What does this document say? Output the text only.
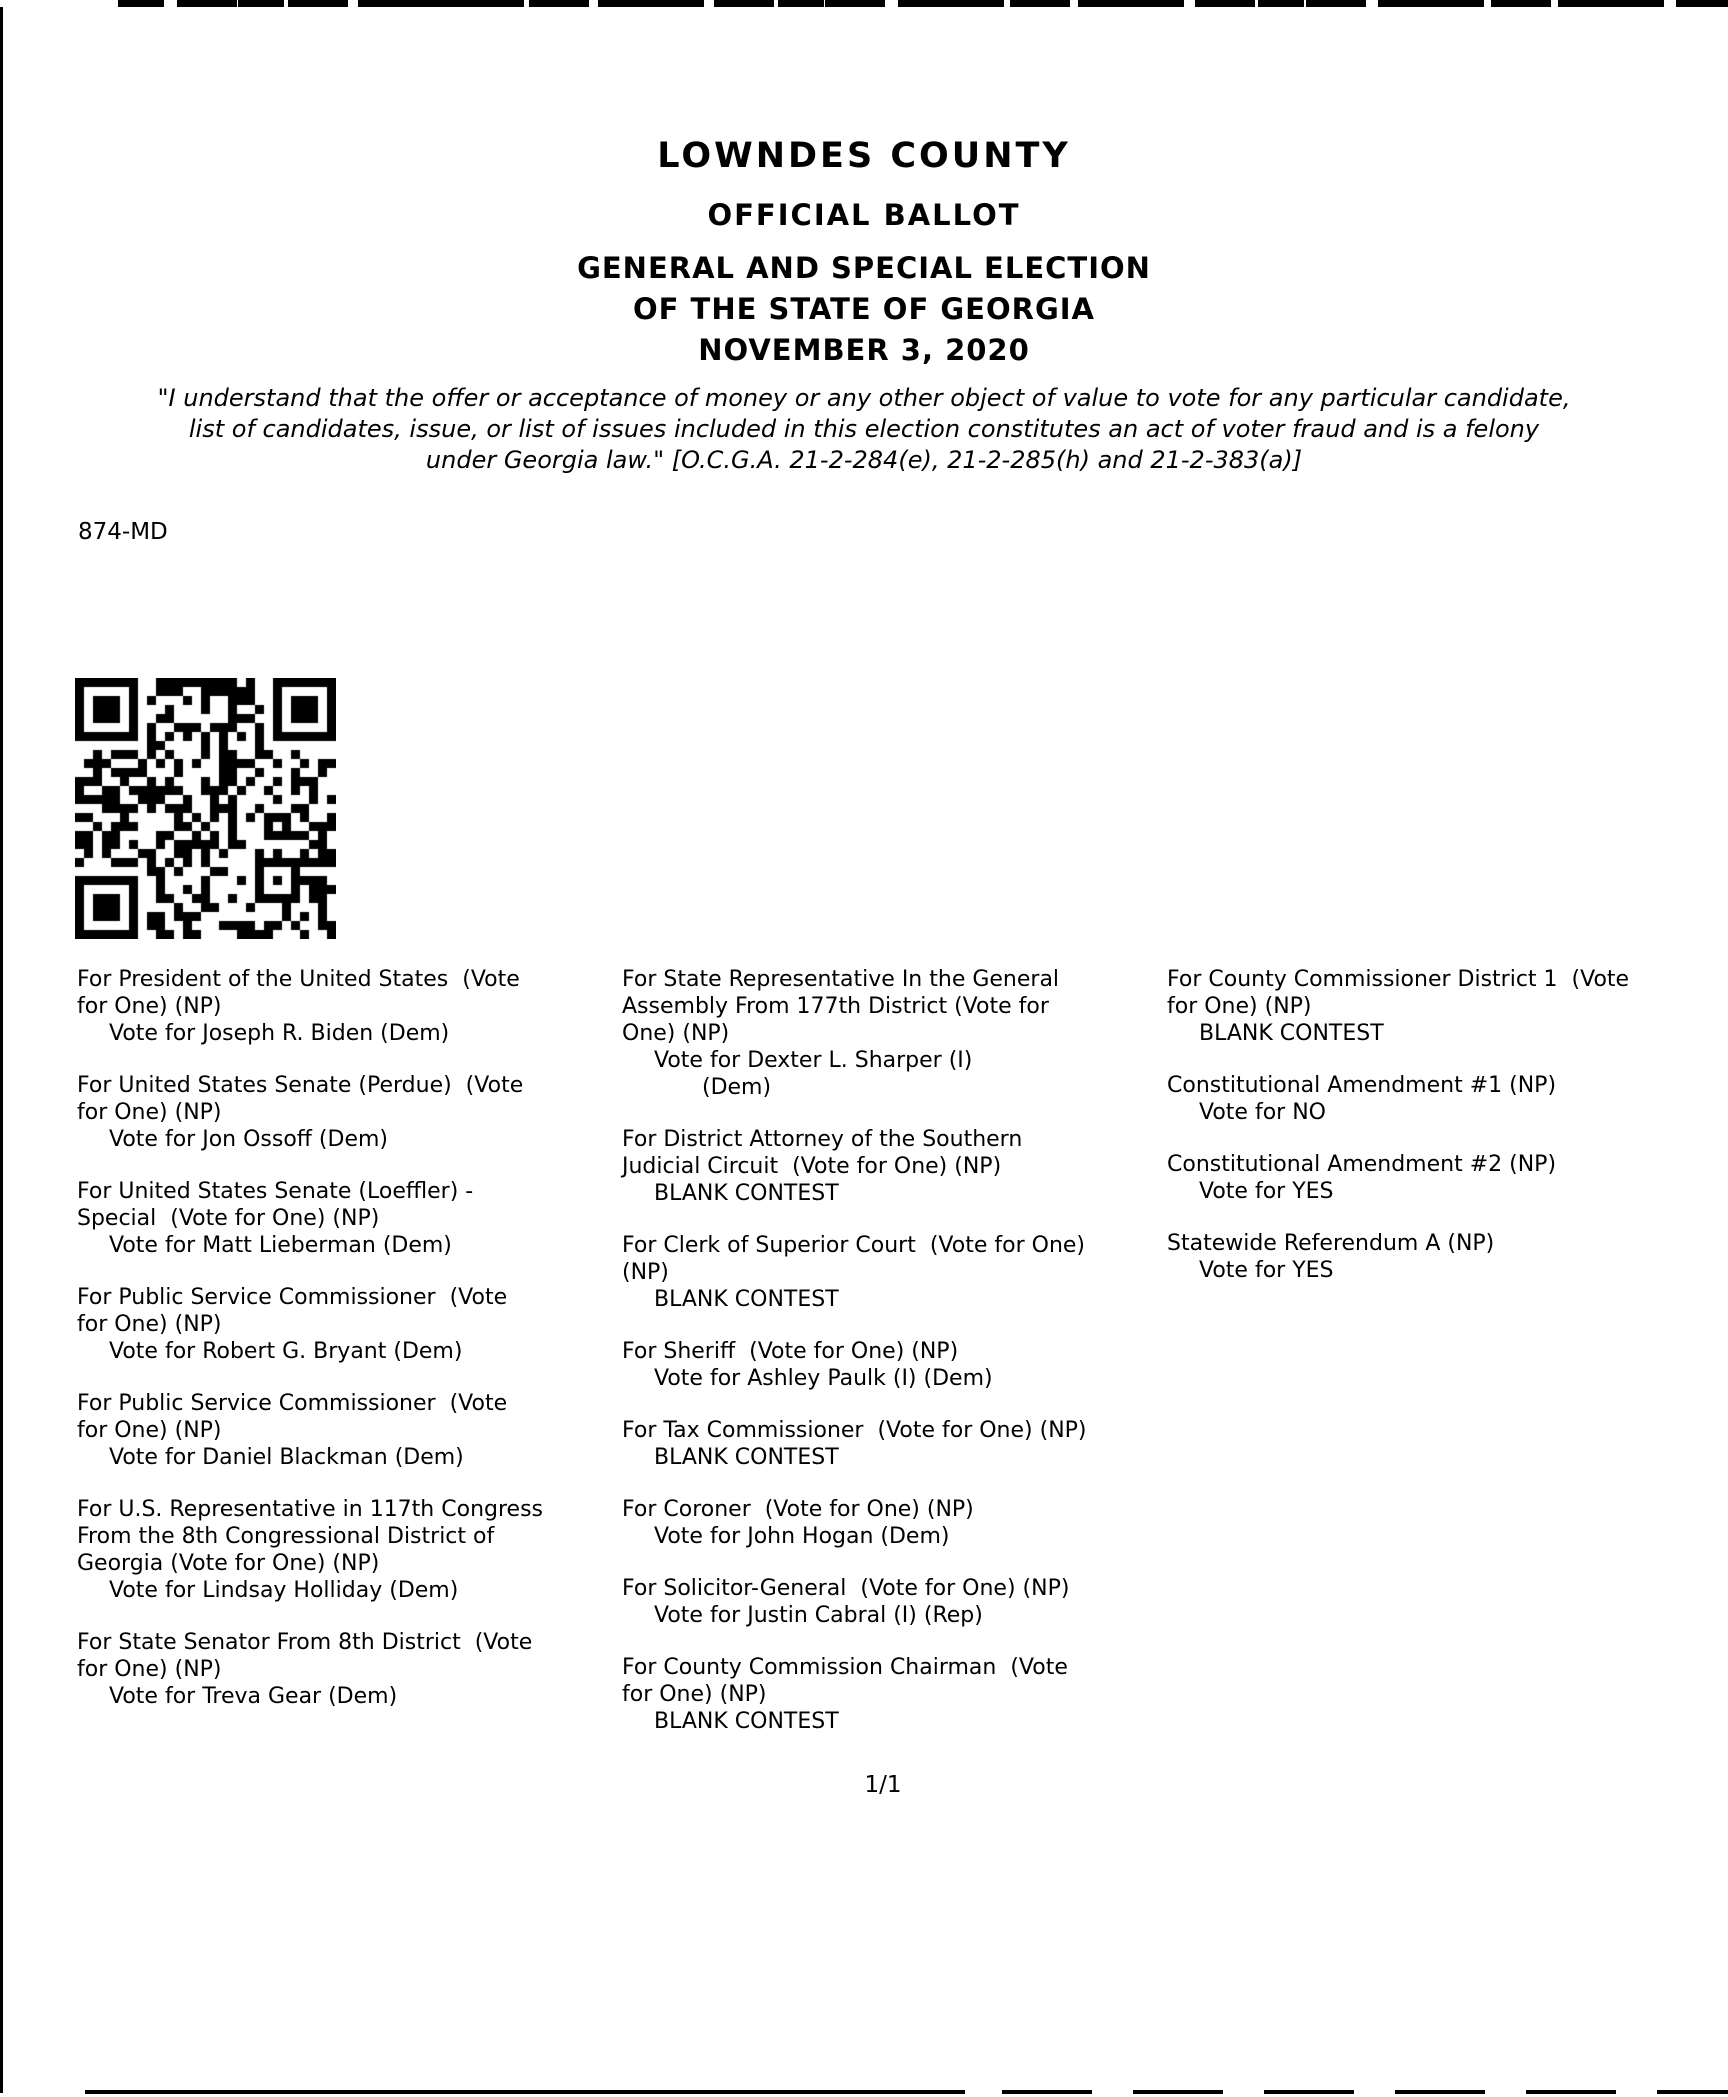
LOWNDES COUNTY
OFFICIAL BALLOT
GENERAL AND SPECIAL ELECTION
OF THE STATE OF GEORGIA
NOVEMBER 3, 2020
"I understand that the offer or acceptance of money or any other object of value to vote for any particular candidate,
list of candidates, issue, or list of issues included in this election constitutes an act of voter fraud and is a felony
under Georgia law." [O.C.G.A. 21-2-284(e), 21-2-285(h) and 21-2-383(a)]
874-MD
For President of the United States  (Vote
for One) (NP)
Vote for Joseph R. Biden (Dem)
For United States Senate (Perdue)  (Vote
for One) (NP)
Vote for Jon Ossoff (Dem)
For United States Senate (Loeffler) -
Special  (Vote for One) (NP)
Vote for Matt Lieberman (Dem)
For Public Service Commissioner  (Vote
for One) (NP)
Vote for Robert G. Bryant (Dem)
For Public Service Commissioner  (Vote
for One) (NP)
Vote for Daniel Blackman (Dem)
For U.S. Representative in 117th Congress
From the 8th Congressional District of
Georgia (Vote for One) (NP)
Vote for Lindsay Holliday (Dem)
For State Senator From 8th District  (Vote
for One) (NP)
Vote for Treva Gear (Dem)
For State Representative In the General
Assembly From 177th District (Vote for
One) (NP)
Vote for Dexter L. Sharper (I)
(Dem)
For District Attorney of the Southern
Judicial Circuit  (Vote for One) (NP)
BLANK CONTEST
For Clerk of Superior Court  (Vote for One)
(NP)
BLANK CONTEST
For Sheriff  (Vote for One) (NP)
Vote for Ashley Paulk (I) (Dem)
For Tax Commissioner  (Vote for One) (NP)
BLANK CONTEST
For Coroner  (Vote for One) (NP)
Vote for John Hogan (Dem)
For Solicitor-General  (Vote for One) (NP)
Vote for Justin Cabral (I) (Rep)
For County Commission Chairman  (Vote
for One) (NP)
BLANK CONTEST
For County Commissioner District 1  (Vote
for One) (NP)
BLANK CONTEST
Constitutional Amendment #1 (NP)
Vote for NO
Constitutional Amendment #2 (NP)
Vote for YES
Statewide Referendum A (NP)
Vote for YES
1/1
